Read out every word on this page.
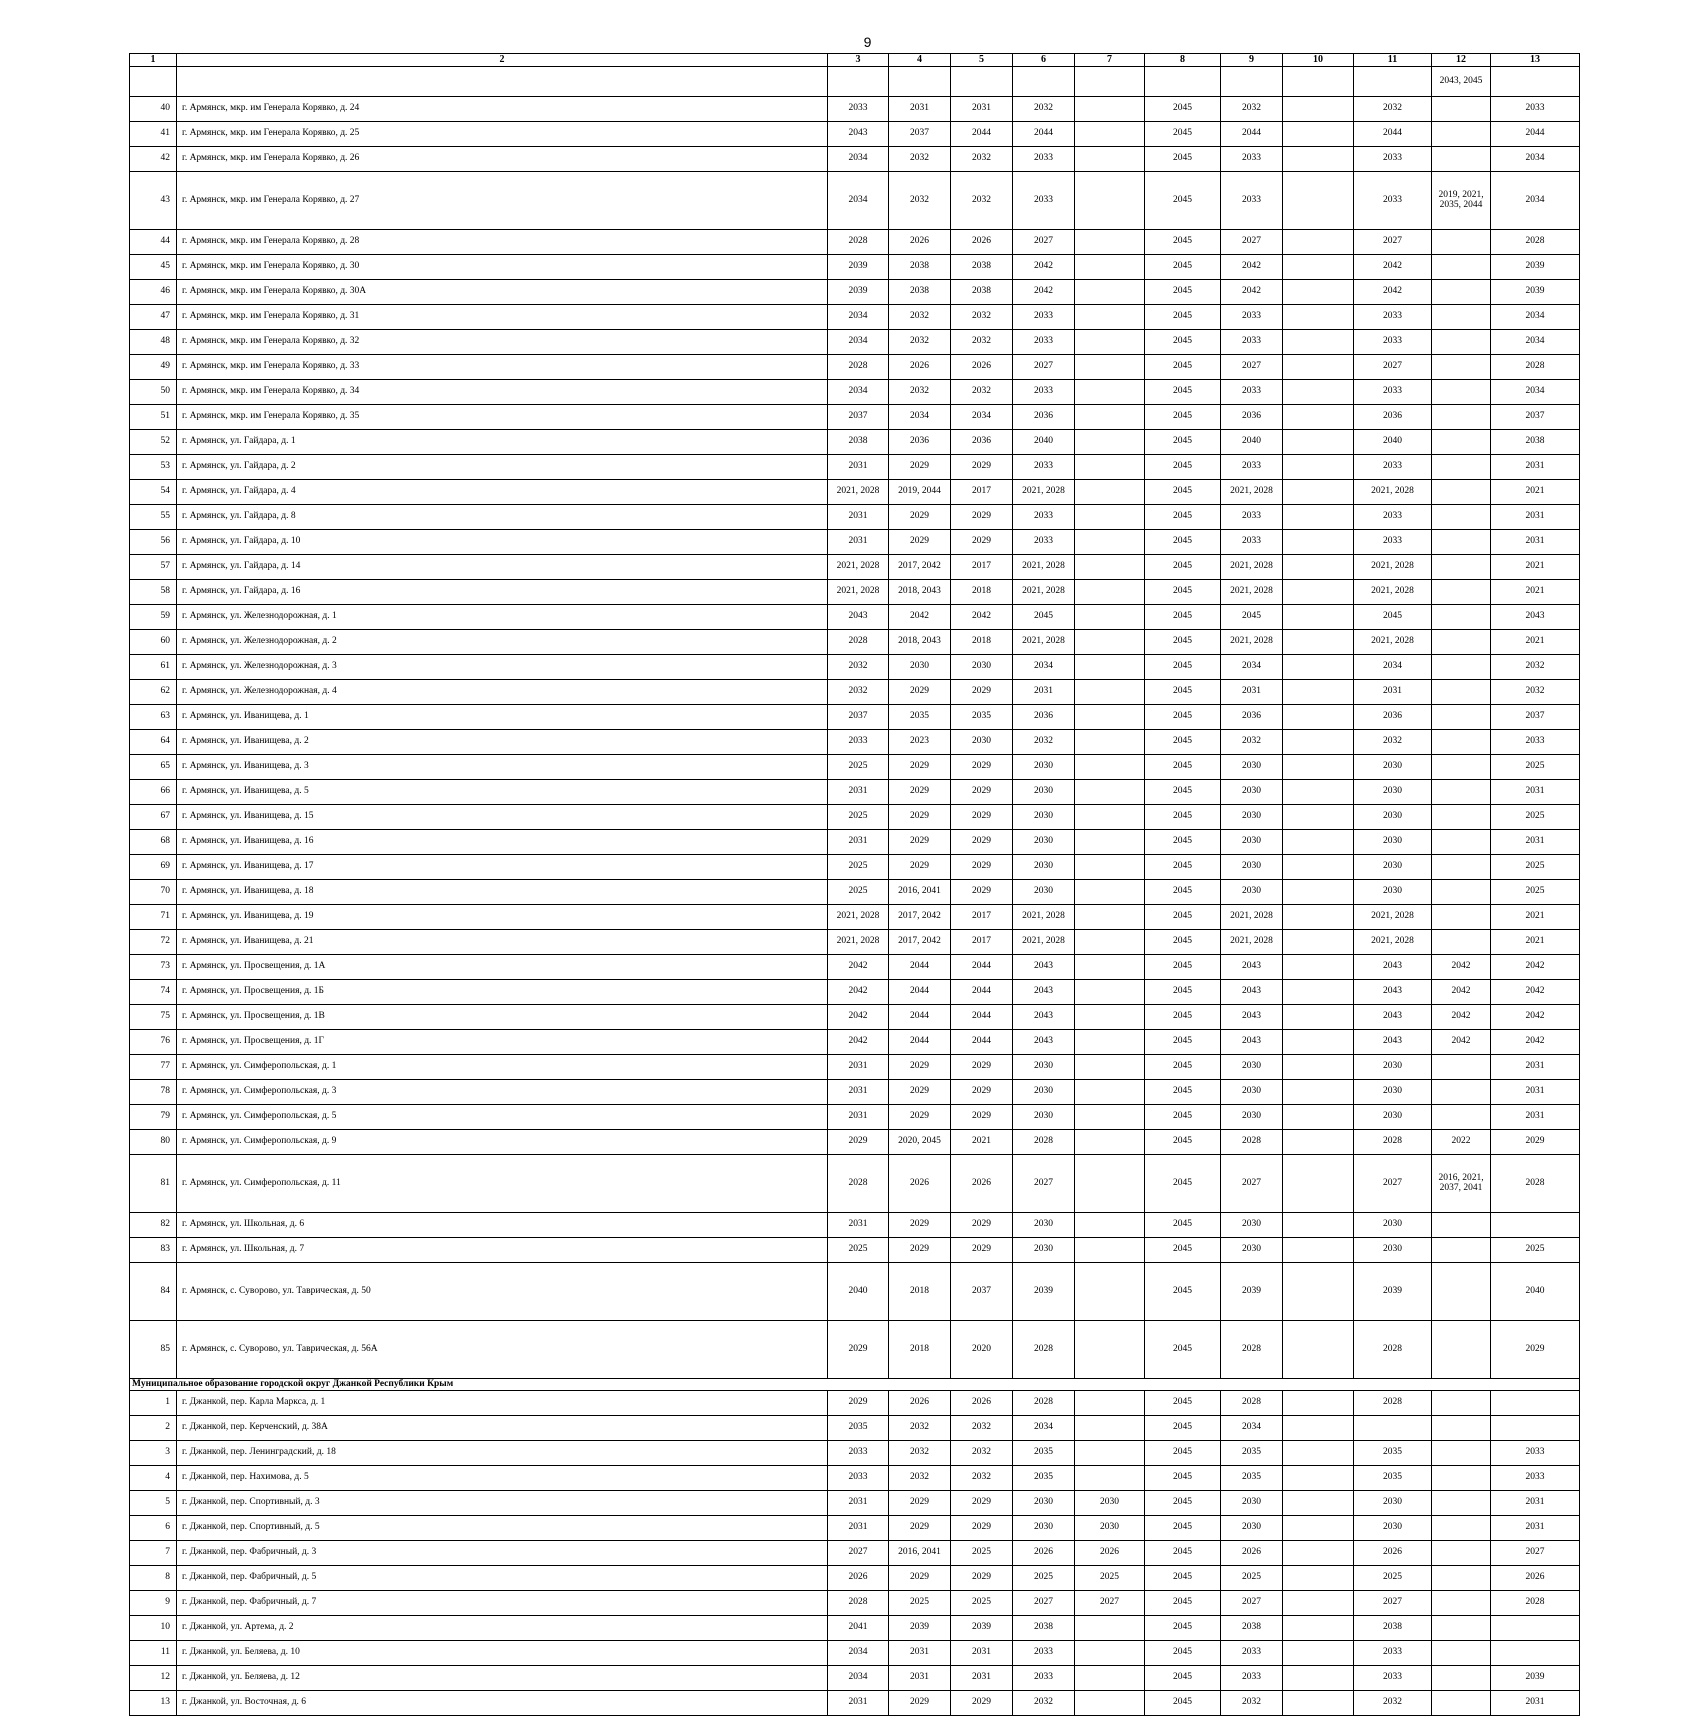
9
1	2	3	4	5	6	7	8	9	10	11	12	13
											2043, 2045	
40	г. Армянск, мкр. им Генерала Корявко, д. 24	2033	2031	2031	2032		2045	2032		2032		2033
41	г. Армянск, мкр. им Генерала Корявко, д. 25	2043	2037	2044	2044		2045	2044		2044		2044
42	г. Армянск, мкр. им Генерала Корявко, д. 26	2034	2032	2032	2033		2045	2033		2033		2034
43	г. Армянск, мкр. им Генерала Корявко, д. 27	2034	2032	2032	2033		2045	2033		2033	2019, 2021, 2035, 2044	2034
44	г. Армянск, мкр. им Генерала Корявко, д. 28	2028	2026	2026	2027		2045	2027		2027		2028
45	г. Армянск, мкр. им Генерала Корявко, д. 30	2039	2038	2038	2042		2045	2042		2042		2039
46	г. Армянск, мкр. им Генерала Корявко, д. 30А	2039	2038	2038	2042		2045	2042		2042		2039
47	г. Армянск, мкр. им Генерала Корявко, д. 31	2034	2032	2032	2033		2045	2033		2033		2034
48	г. Армянск, мкр. им Генерала Корявко, д. 32	2034	2032	2032	2033		2045	2033		2033		2034
49	г. Армянск, мкр. им Генерала Корявко, д. 33	2028	2026	2026	2027		2045	2027		2027		2028
50	г. Армянск, мкр. им Генерала Корявко, д. 34	2034	2032	2032	2033		2045	2033		2033		2034
51	г. Армянск, мкр. им Генерала Корявко, д. 35	2037	2034	2034	2036		2045	2036		2036		2037
52	г. Армянск, ул. Гайдара, д. 1	2038	2036	2036	2040		2045	2040		2040		2038
53	г. Армянск, ул. Гайдара, д. 2	2031	2029	2029	2033		2045	2033		2033		2031
54	г. Армянск, ул. Гайдара, д. 4	2021, 2028	2019, 2044	2017	2021, 2028		2045	2021, 2028		2021, 2028		2021
55	г. Армянск, ул. Гайдара, д. 8	2031	2029	2029	2033		2045	2033		2033		2031
56	г. Армянск, ул. Гайдара, д. 10	2031	2029	2029	2033		2045	2033		2033		2031
57	г. Армянск, ул. Гайдара, д. 14	2021, 2028	2017, 2042	2017	2021, 2028		2045	2021, 2028		2021, 2028		2021
58	г. Армянск, ул. Гайдара, д. 16	2021, 2028	2018, 2043	2018	2021, 2028		2045	2021, 2028		2021, 2028		2021
59	г. Армянск, ул. Железнодорожная, д. 1	2043	2042	2042	2045		2045	2045		2045		2043
60	г. Армянск, ул. Железнодорожная, д. 2	2028	2018, 2043	2018	2021, 2028		2045	2021, 2028		2021, 2028		2021
61	г. Армянск, ул. Железнодорожная, д. 3	2032	2030	2030	2034		2045	2034		2034		2032
62	г. Армянск, ул. Железнодорожная, д. 4	2032	2029	2029	2031		2045	2031		2031		2032
63	г. Армянск, ул. Иванищева, д. 1	2037	2035	2035	2036		2045	2036		2036		2037
64	г. Армянск, ул. Иванищева, д. 2	2033	2023	2030	2032		2045	2032		2032		2033
65	г. Армянск, ул. Иванищева, д. 3	2025	2029	2029	2030		2045	2030		2030		2025
66	г. Армянск, ул. Иванищева, д. 5	2031	2029	2029	2030		2045	2030		2030		2031
67	г. Армянск, ул. Иванищева, д. 15	2025	2029	2029	2030		2045	2030		2030		2025
68	г. Армянск, ул. Иванищева, д. 16	2031	2029	2029	2030		2045	2030		2030		2031
69	г. Армянск, ул. Иванищева, д. 17	2025	2029	2029	2030		2045	2030		2030		2025
70	г. Армянск, ул. Иванищева, д. 18	2025	2016, 2041	2029	2030		2045	2030		2030		2025
71	г. Армянск, ул. Иванищева, д. 19	2021, 2028	2017, 2042	2017	2021, 2028		2045	2021, 2028		2021, 2028		2021
72	г. Армянск, ул. Иванищева, д. 21	2021, 2028	2017, 2042	2017	2021, 2028		2045	2021, 2028		2021, 2028		2021
73	г. Армянск, ул. Просвещения, д. 1А	2042	2044	2044	2043		2045	2043		2043	2042	2042
74	г. Армянск, ул. Просвещения, д. 1Б	2042	2044	2044	2043		2045	2043		2043	2042	2042
75	г. Армянск, ул. Просвещения, д. 1В	2042	2044	2044	2043		2045	2043		2043	2042	2042
76	г. Армянск, ул. Просвещения, д. 1Г	2042	2044	2044	2043		2045	2043		2043	2042	2042
77	г. Армянск, ул. Симферопольская, д. 1	2031	2029	2029	2030		2045	2030		2030		2031
78	г. Армянск, ул. Симферопольская, д. 3	2031	2029	2029	2030		2045	2030		2030		2031
79	г. Армянск, ул. Симферопольская, д. 5	2031	2029	2029	2030		2045	2030		2030		2031
80	г. Армянск, ул. Симферопольская, д. 9	2029	2020, 2045	2021	2028		2045	2028		2028	2022	2029
81	г. Армянск, ул. Симферопольская, д. 11	2028	2026	2026	2027		2045	2027		2027	2016, 2021, 2037, 2041	2028
82	г. Армянск, ул. Школьная, д. 6	2031	2029	2029	2030		2045	2030		2030		
83	г. Армянск, ул. Школьная, д. 7	2025	2029	2029	2030		2045	2030		2030		2025
84	г. Армянск, с. Суворово, ул. Таврическая, д. 50	2040	2018	2037	2039		2045	2039		2039		2040
85	г. Армянск, с. Суворово, ул. Таврическая, д. 56А	2029	2018	2020	2028		2045	2028		2028		2029
Муниципальное образование городской округ Джанкой Республики Крым												
1	г. Джанкой, пер. Карла Маркса, д. 1	2029	2026	2026	2028		2045	2028		2028		
2	г. Джанкой, пер. Керченский, д. 38А	2035	2032	2032	2034		2045	2034				
3	г. Джанкой, пер. Ленинградский, д. 18	2033	2032	2032	2035		2045	2035		2035		2033
4	г. Джанкой, пер. Нахимова, д. 5	2033	2032	2032	2035		2045	2035		2035		2033
5	г. Джанкой, пер. Спортивный, д. 3	2031	2029	2029	2030	2030	2045	2030		2030		2031
6	г. Джанкой, пер. Спортивный, д. 5	2031	2029	2029	2030	2030	2045	2030		2030		2031
7	г. Джанкой, пер. Фабричный, д. 3	2027	2016, 2041	2025	2026	2026	2045	2026		2026		2027
8	г. Джанкой, пер. Фабричный, д. 5	2026	2029	2029	2025	2025	2045	2025		2025		2026
9	г. Джанкой, пер. Фабричный, д. 7	2028	2025	2025	2027	2027	2045	2027		2027		2028
10	г. Джанкой, ул. Артема, д. 2	2041	2039	2039	2038		2045	2038		2038		
11	г. Джанкой, ул. Беляева, д. 10	2034	2031	2031	2033		2045	2033		2033		
12	г. Джанкой, ул. Беляева, д. 12	2034	2031	2031	2033		2045	2033		2033		2039
13	г. Джанкой, ул. Восточная, д. 6	2031	2029	2029	2032		2045	2032		2032		2031
